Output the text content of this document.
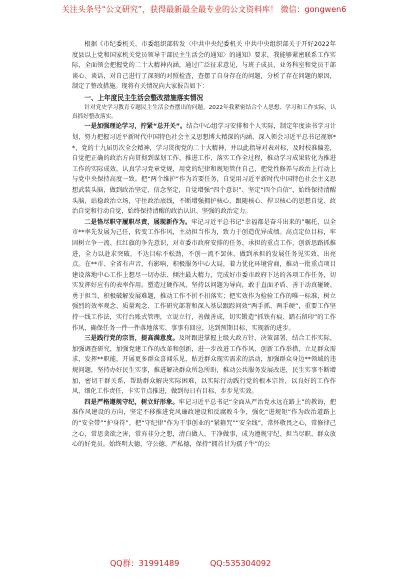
关注头条号“公文研究”，获得最新最全最专业的公文资料库！ 微信：gongwen6

根据《市纪委机关、市委组织部转发〈中共中央纪委机关 中共中央组织部关于开好2022年度县以上党和国家机关党员领导干部民主生活会的通知〉的通知》要求，我能够紧密联系工作实际，全面领会把握党的二十大精神内涵，通过广泛征求意见，与班子成员、业务科室和党员干部谈心、谈话，对自己进行了深刻的对照检查，查摆了自身存在的问题，分析了存在问题的原因，制定了整改措施。现将有关情况向大家报告如下：

一、上年度民主生活会整改措施落实情况

针对党史学习教育专题民主生活会查摆出的问题，2022年我紧密结合个人思想、学习和工作实际，认真抓好整改落实。

一是加强理论学习，拧紧“总开关”。结合中心组学习安排和个人实际，制定年度读书学习计划，努力把握习近平新时代中国特色社会主义思想博大精深的内涵，深入领会习近平总书记视察**、党的十九届历次全会精神，学习贯彻党的二十大精神，并以此指导对表对标，及时校准偏差，自觉把正确的政治方向贯彻到谋划工作、推进工作、落实工作全过程，推动学习成果转化为推进工作的实际成效。认真学习党章党规，用党的纪律和规矩管住自己，把党性修养与政治上行动上与党中央保持高度一致。把“两个维护”作为首要任务，自觉用习近平新时代中国特色社会主义思想武装头脑，做到政治坚定、信念坚定，自觉增强“四个意识”、坚定“四个自信”，始终保持清醒头脑，站稳政治立场，守住政治底线，不断增强拥护核心、跟随核心、捍卫核心的思想自觉、政治自觉和行动自觉，始终保持清醒的政治认识、坚强的政治定力。

二是恪尽职守履职尽责，展现新作为。牢记习近平总书记“幸福都是奋斗出来的”嘱托，以全市**率先发展为己任，转变工作作风，主动担当作为，致力于创造优异成绩。高点定位目标，牢固树立争一流、扛红旗的争先意识，对市委市政府安排的任务、承担的重点工作，创新思路抓推进，全力以赴求突破，不达目标不松劲，不创一流不罢休，做到承担的发展任务见实效、出亮点。在**市、全省有声音，有影响，积极服务中心大局，着力优化环境营商，推动一批重点项目建设落地中心工作上想尽一切办法、倾注最大精力，完成好市委市政府下达的各项工作任务，切实发挥好应有的表率作用。塑造过硬作风，坚持以问题为导向，敢于直面矛盾、善于动真碰硬、勇于担当，积极破解发展难题，推动工作不折不扣落实；把实效作为检验工作的唯一标准，树立强烈的效率观念、质量观念、工作研究部署和深入基层跟踪问效“两手抓、两手硬”，重要工作坚持一线工作法，实行台账式管理，立说立行，善做善成，切实锻造“抓铁有痕、踏石留印”的工作作风，确保任务一件一件落地落实、事事有回应，达到预期目标，实现新的进步。

三是践行党的宗旨，提高满意度。及时跟进掌握上级大政方针、决策部署，结合工作实际，加强调查研究，加强党建工作的改革和创新，进一步改进工作作风、创新工作举措，立足群众需求，发挥**职能，开展更多群众喜闻乐见、贴近群众现实需求的活动，加强群众身边**领域的违规问题，坚持办好民生实事，推进解决群众所急所盼，推动公共服务发展改进，民生实事不断增加，密切干群关系，帮助群众解决实际困难，以实际行动践行党的根本宗旨，以良好的工作作风，细化工作责任，卡实节点推进，做到每日有目标、步步见实效。

四是严格遵规守纪，树立好形象。牢记习近平总书记“全面从严治党永远在路上”的教诲，把准作风建设的方向，坚定不移推进党风廉政建设和反腐败斗争，强化“进规矩”作为政治道路上的“安全带”“护身符”，把“守纪律”作为干事创业的“紧箍咒”“安全线”，常怀敬畏之心，常修律己之心，常思贪欲之害，常弃非分之想，清白做人、干净做事，成为遵规守纪、担当尽职、群众放心的好党员。始终明大德、守公德、严私德，保持“拥首甘为孺子牛”的公

QQ群：31991489	QQ:535304092
